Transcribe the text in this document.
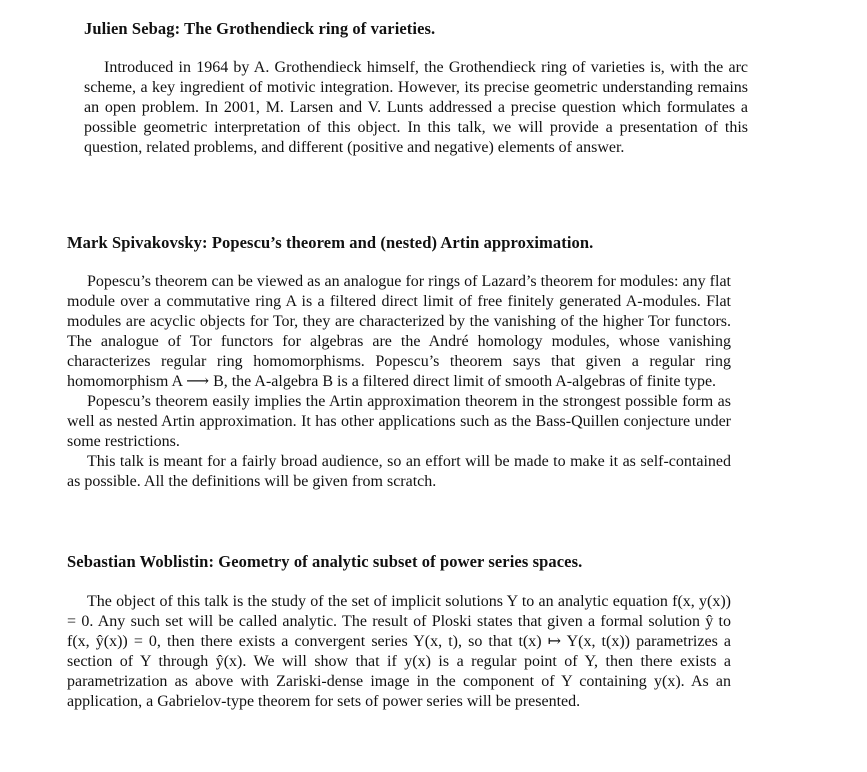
Julien Sebag: The Grothendieck ring of varieties.

Introduced in 1964 by A. Grothendieck himself, the Grothendieck ring of varieties is, with the arc scheme, a key ingredient of motivic integration. However, its precise geometric understanding remains an open problem. In 2001, M. Larsen and V. Lunts addressed a precise question which formulates a possible geometric interpretation of this object. In this talk, we will provide a presentation of this question, related problems, and different (positive and negative) elements of answer.

Mark Spivakovsky: Popescu’s theorem and (nested) Artin approximation.

Popescu’s theorem can be viewed as an analogue for rings of Lazard’s theorem for modules: any flat module over a commutative ring A is a filtered direct limit of free finitely generated A-modules. Flat modules are acyclic objects for Tor, they are characterized by the vanishing of the higher Tor functors. The analogue of Tor functors for algebras are the André homology modules, whose vanishing characterizes regular ring homomorphisms. Popescu’s theorem says that given a regular ring homomorphism A ⟶ B, the A-algebra B is a filtered direct limit of smooth A-algebras of finite type.

Popescu’s theorem easily implies the Artin approximation theorem in the strongest possible form as well as nested Artin approximation. It has other applications such as the Bass-Quillen conjecture under some restrictions.

This talk is meant for a fairly broad audience, so an effort will be made to make it as self-contained as possible. All the definitions will be given from scratch.

Sebastian Woblistin: Geometry of analytic subset of power series spaces.

The object of this talk is the study of the set of implicit solutions Y to an analytic equation f(x, y(x)) = 0. Any such set will be called analytic. The result of Ploski states that given a formal solution ŷ to f(x, ŷ(x)) = 0, then there exists a convergent series Y(x, t), so that t(x) ↦ Y(x, t(x)) parametrizes a section of Y through ŷ(x). We will show that if y(x) is a regular point of Y, then there exists a parametrization as above with Zariski-dense image in the component of Y containing y(x). As an application, a Gabrielov-type theorem for sets of power series will be presented.
